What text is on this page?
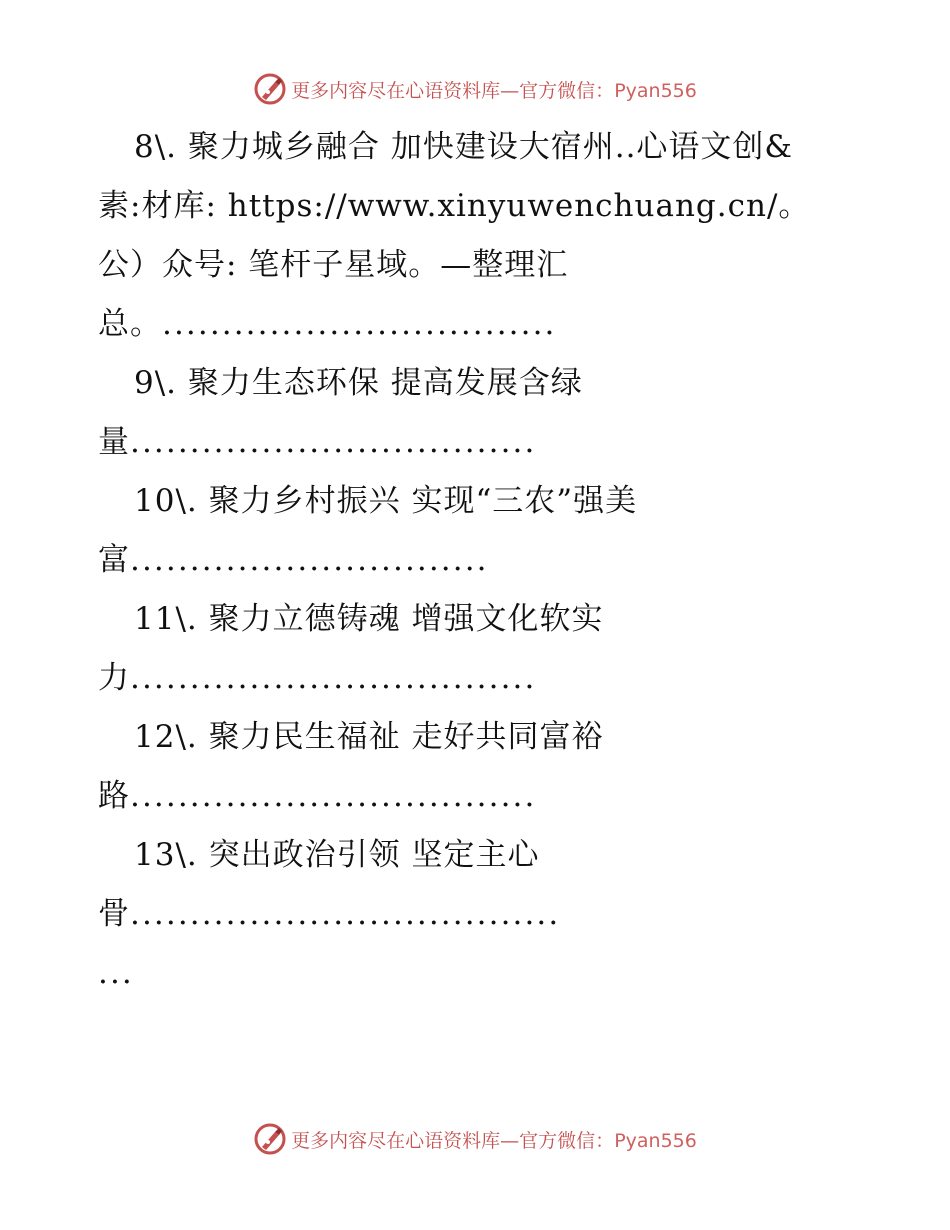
更多内容尽在心语资料库—官方微信：Pyan556
8\. 聚力城乡融合 加快建设大宿州..心语文创&
素:材库: https://www.xinyuwenchuang.cn/。
公）众号: 笔杆子星域。—整理汇
总。.................................
9\. 聚力生态环保 提高发展含绿
量..................................
10\. 聚力乡村振兴 实现“三农”强美
富..............................
11\. 聚力立德铸魂 增强文化软实
力..................................
12\. 聚力民生福祉 走好共同富裕
路..................................
13\. 突出政治引领 坚定主心
骨....................................
...
更多内容尽在心语资料库—官方微信：Pyan556
